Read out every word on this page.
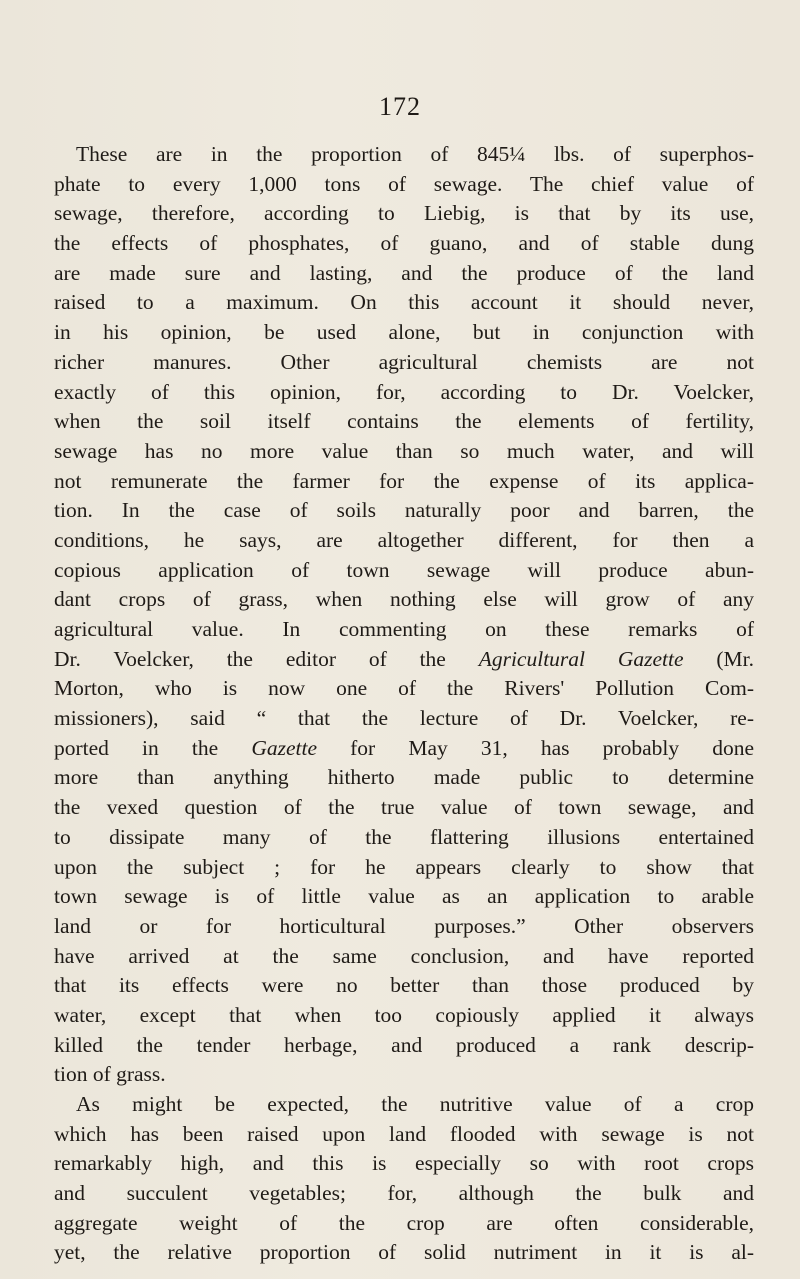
172
These are in the proportion of 845¼ lbs. of superphos-
phate to every 1,000 tons of sewage. The chief value of
sewage, therefore, according to Liebig, is that by its use,
the effects of phosphates, of guano, and of stable dung
are made sure and lasting, and the produce of the land
raised to a maximum. On this account it should never,
in his opinion, be used alone, but in conjunction with
richer manures. Other agricultural chemists are not
exactly of this opinion, for, according to Dr. Voelcker,
when the soil itself contains the elements of fertility,
sewage has no more value than so much water, and will
not remunerate the farmer for the expense of its applica-
tion. In the case of soils naturally poor and barren, the
conditions, he says, are altogether different, for then a
copious application of town sewage will produce abun-
dant crops of grass, when nothing else will grow of any
agricultural value. In commenting on these remarks of
Dr. Voelcker, the editor of the Agricultural Gazette (Mr.
Morton, who is now one of the Rivers' Pollution Com-
missioners), said “ that the lecture of Dr. Voelcker, re-
ported in the Gazette for May 31, has probably done
more than anything hitherto made public to determine
the vexed question of the true value of town sewage, and
to dissipate many of the flattering illusions entertained
upon the subject ; for he appears clearly to show that
town sewage is of little value as an application to arable
land or for horticultural purposes.” Other observers
have arrived at the same conclusion, and have reported
that its effects were no better than those produced by
water, except that when too copiously applied it always
killed the tender herbage, and produced a rank descrip-
tion of grass.
As might be expected, the nutritive value of a crop
which has been raised upon land flooded with sewage is not
remarkably high, and this is especially so with root crops
and succulent vegetables; for, although the bulk and
aggregate weight of the crop are often considerable,
yet, the relative proportion of solid nutriment in it is al-
